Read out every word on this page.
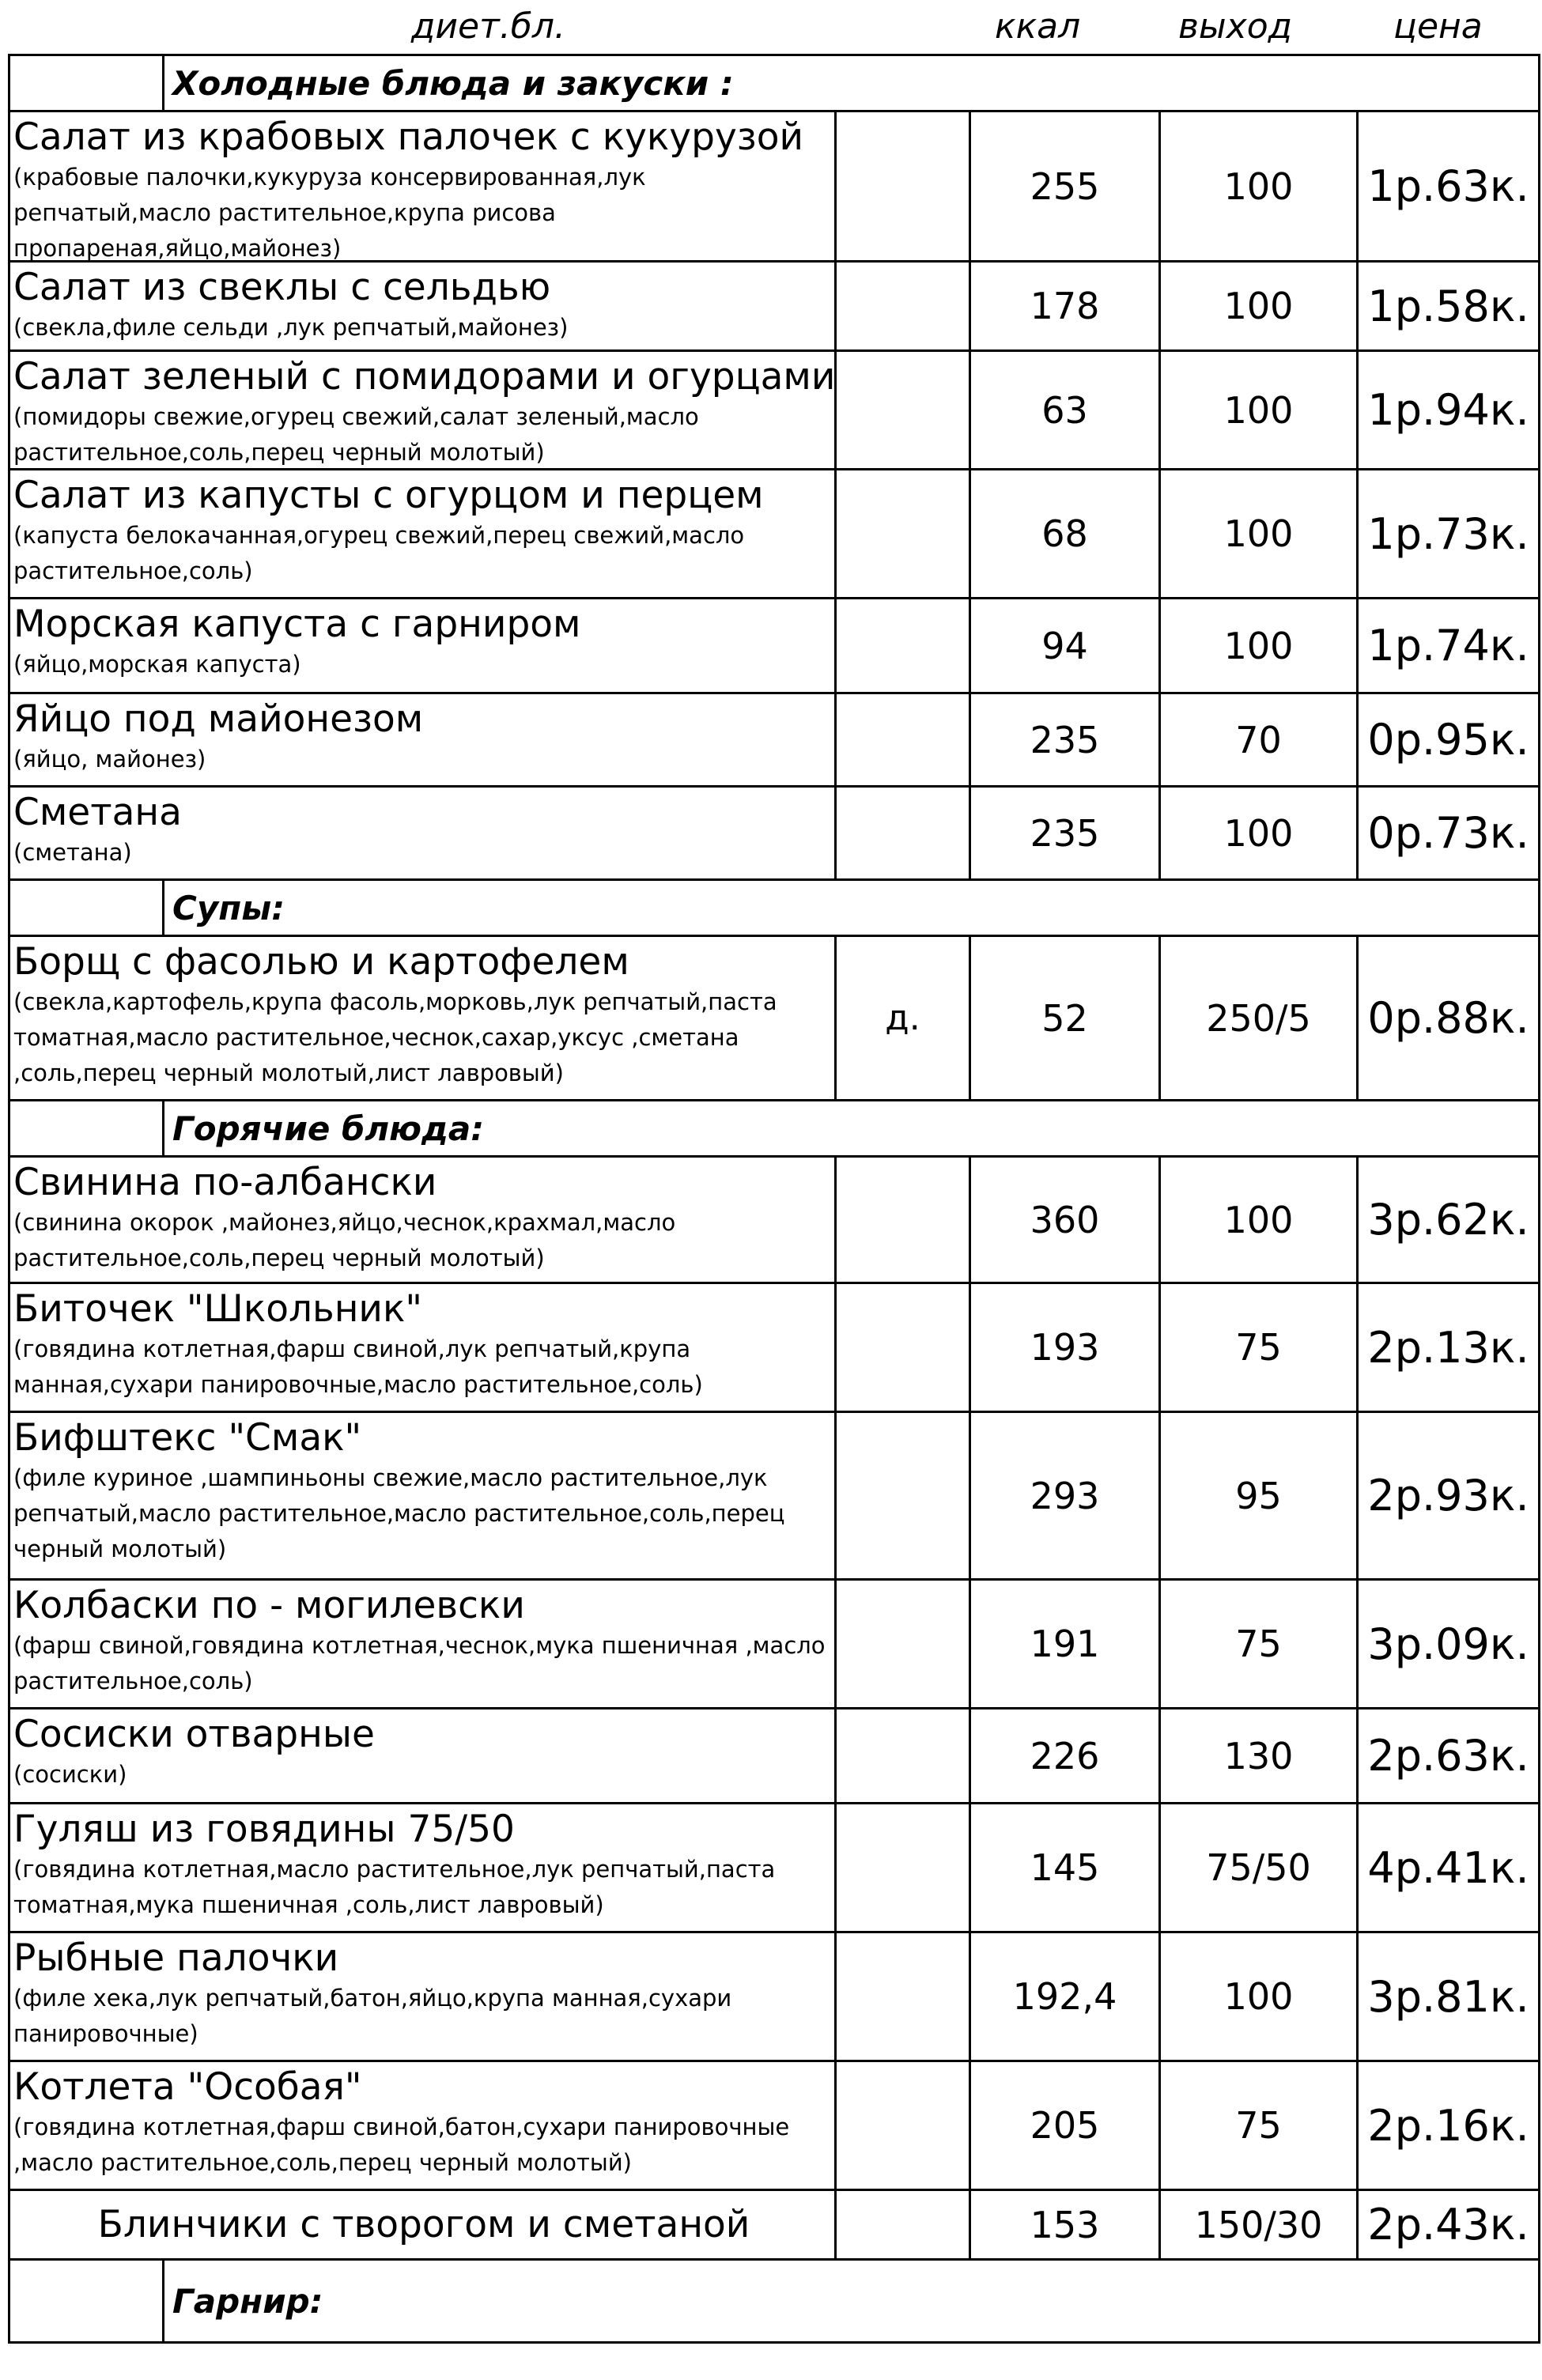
диет.бл.	ккал	выход	цена
Холодные блюда и закуски :
Салат из крабовых палочек с кукурузой
(крабовые палочки,кукуруза консервированная,лук репчатый,масло растительное,крупа рисова пропареная,яйцо,майонез)
255	100	1р.63к.
Салат из свеклы с сельдью
(свекла,филе сельди ,лук репчатый,майонез)	178	100	1р.58к.
Салат зеленый с помидорами и огурцами
(помидоры свежие,огурец свежий,салат зеленый,масло растительное,соль,перец черный молотый)
63	100	1р.94к.
Салат из капусты с огурцом и перцем
(капуста белокачанная,огурец свежий,перец свежий,масло растительное,соль)
68	100	1р.73к.
Морская капуста с гарниром
(яйцо,морская капуста)	94	100	1р.74к.
Яйцо под майонезом
(яйцо, майонез)	235	70	0р.95к.
Сметана
(сметана)	235	100	0р.73к.
Супы:
Борщ с фасолью и картофелем
(свекла,картофель,крупа фасоль,морковь,лук репчатый,паста томатная,масло растительное,чеснок,сахар,уксус ,сметана ,соль,перец черный молотый,лист лавровый)
д.	52	250/5	0р.88к.
Горячие блюда:
Свинина по-албански
(свинина окорок ,майонез,яйцо,чеснок,крахмал,масло растительное,соль,перец черный молотый)
360	100	3р.62к.
Биточек "Школьник"
(говядина котлетная,фарш свиной,лук репчатый,крупа манная,сухари панировочные,масло растительное,соль)
193	75	2р.13к.
Бифштекс "Смак"
(филе куриное ,шампиньоны свежие,масло растительное,лук репчатый,масло растительное,масло растительное,соль,перец черный молотый)
293	95	2р.93к.
Колбаски по - могилевски
(фарш свиной,говядина котлетная,чеснок,мука пшеничная ,масло растительное,соль)
191	75	3р.09к.
Сосиски отварные
(сосиски)	226	130	2р.63к.
Гуляш из говядины 75/50
(говядина котлетная,масло растительное,лук репчатый,паста томатная,мука пшеничная ,соль,лист лавровый)
145	75/50	4р.41к.
Рыбные палочки
(филе хека,лук репчатый,батон,яйцо,крупа манная,сухари панировочные)
192,4	100	3р.81к.
Котлета "Особая"
(говядина котлетная,фарш свиной,батон,сухари панировочные ,масло растительное,соль,перец черный молотый)
205	75	2р.16к.
Блинчики с творогом и сметаной	153	150/30	2р.43к.
Гарнир:
